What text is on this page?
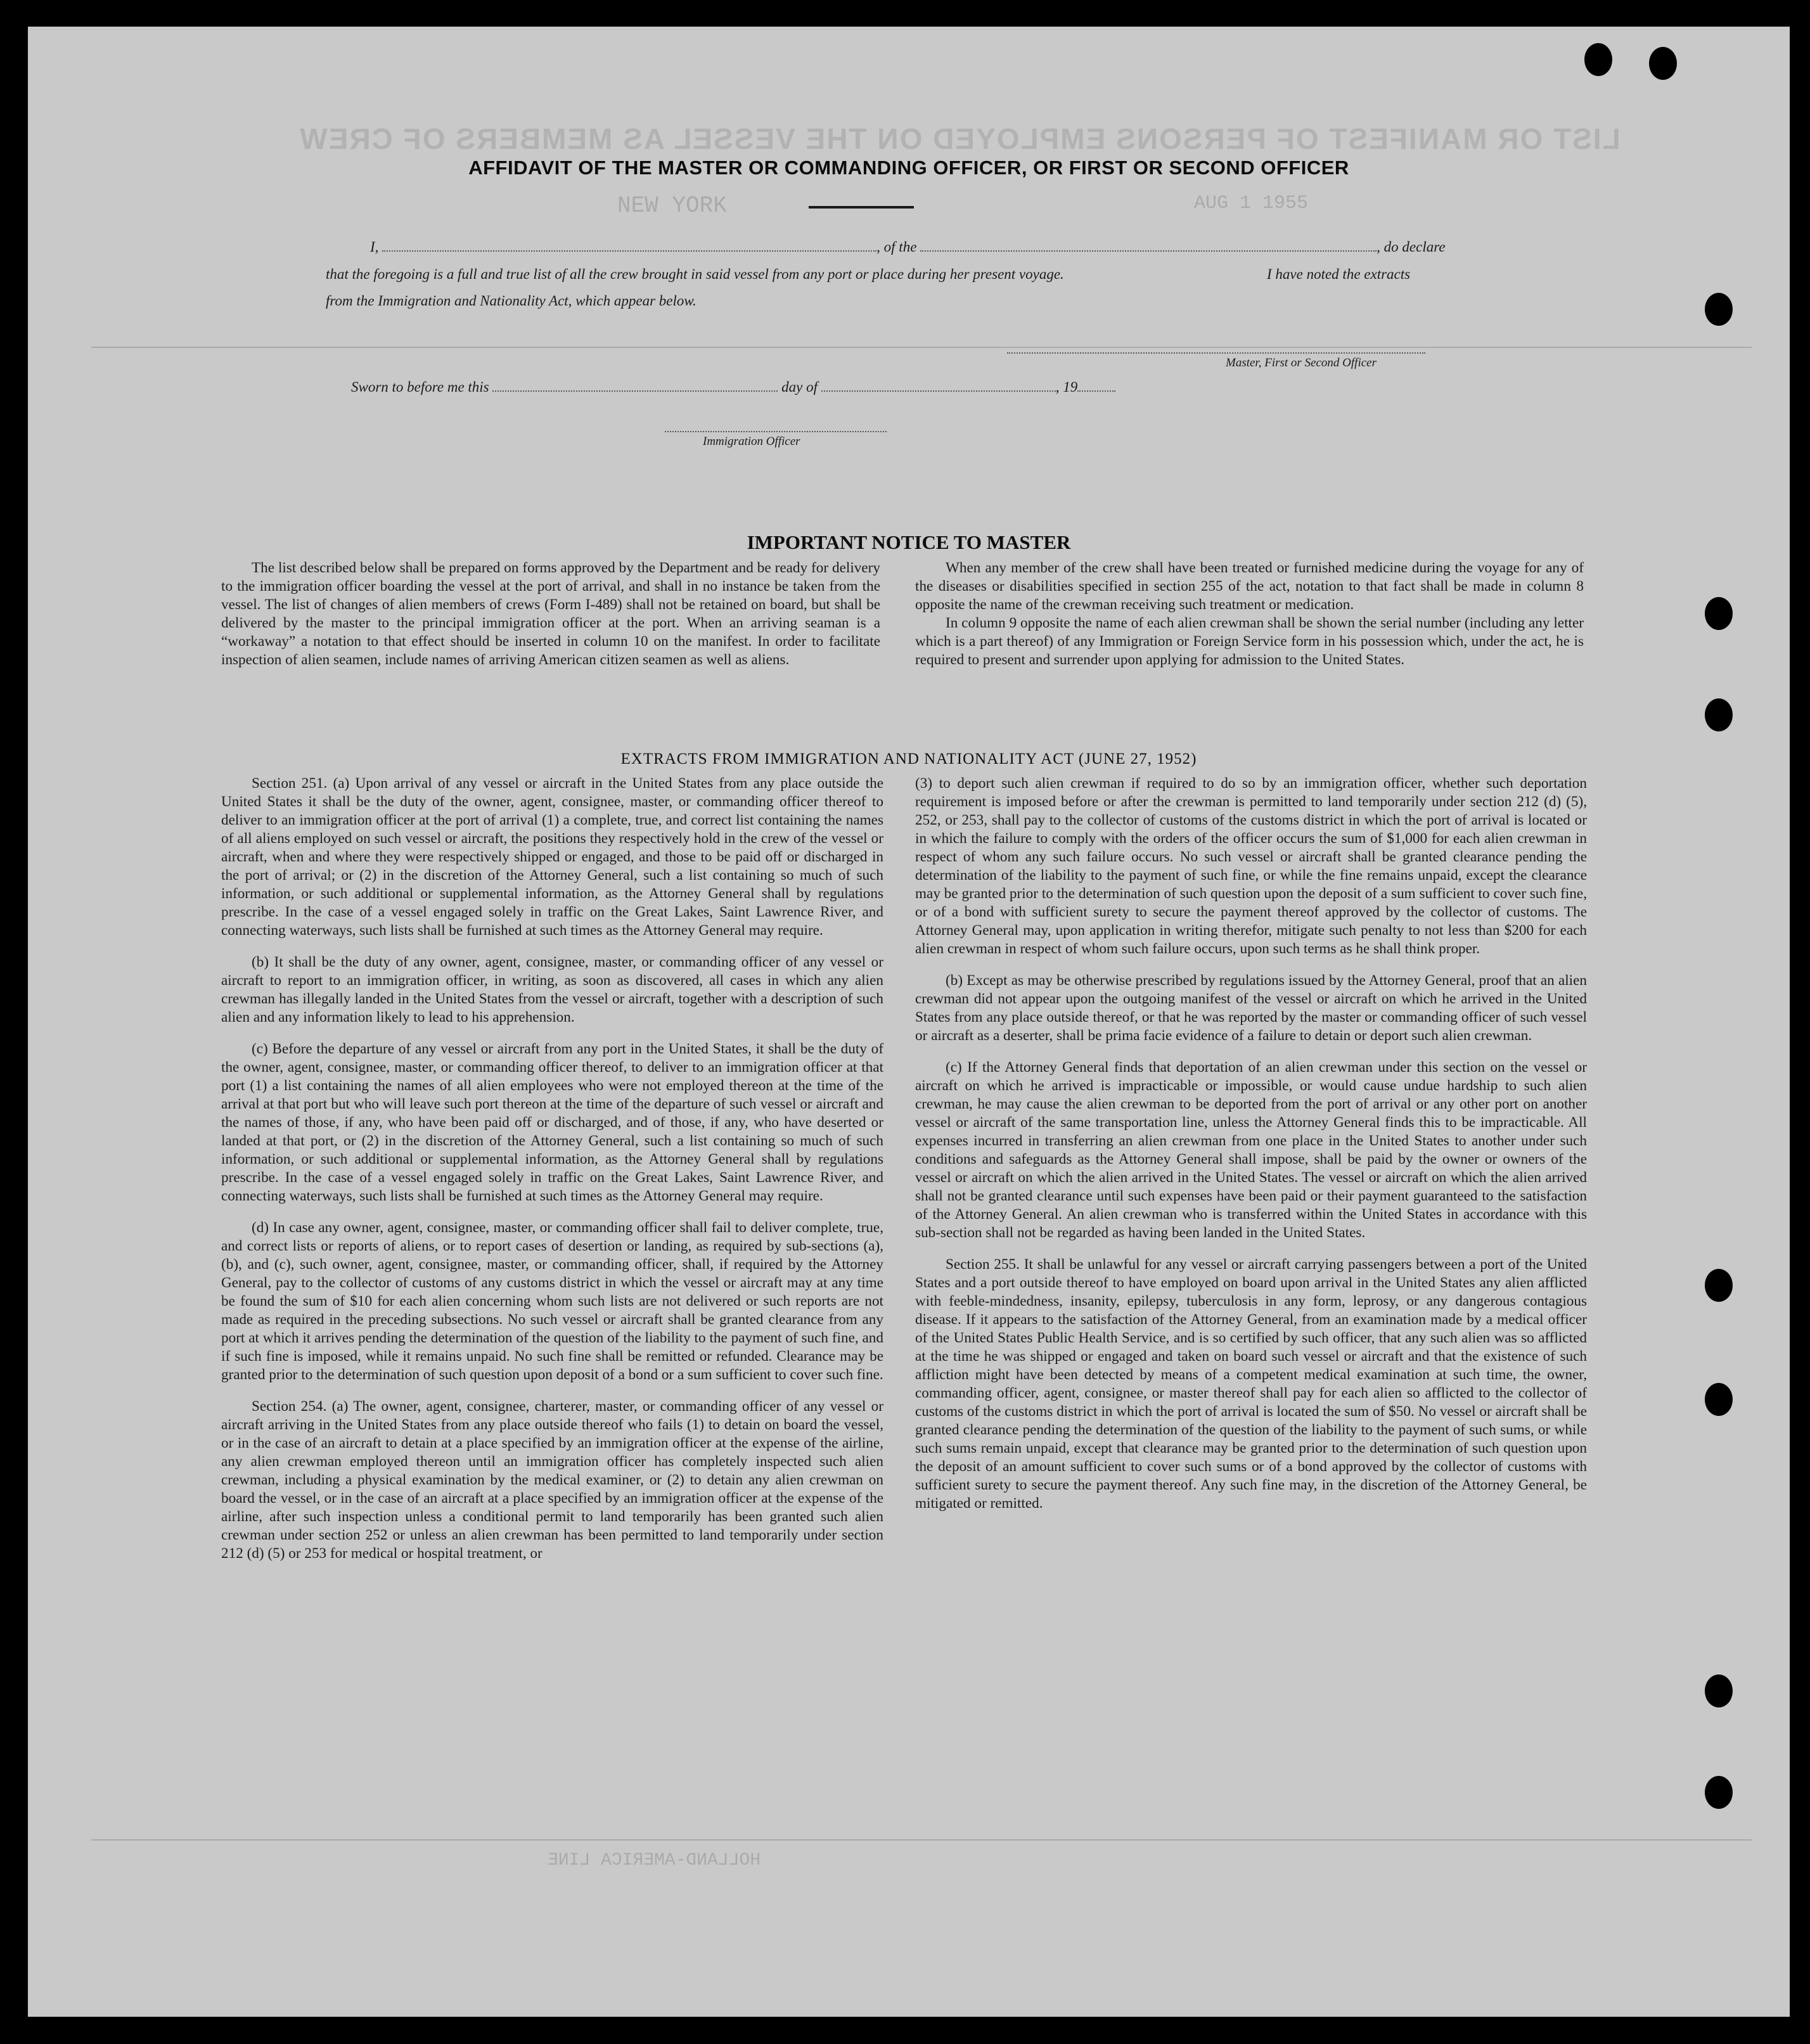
LIST OR MANIFEST OF PERSONS EMPLOYED ON THE VESSEL AS MEMBERS OF CREW
NEW YORK	AUG 1 1955
HOLLAND-AMERICA LINE
AFFIDAVIT OF THE MASTER OR COMMANDING OFFICER, OR FIRST OR SECOND OFFICER
I,	, of the	, do declare
that the foregoing is a full and true list of all the crew brought in said vessel from any port or place during her present voyage.	I have noted the extracts
from the Immigration and Nationality Act, which appear below.
Master, First or Second Officer
Sworn to before me this	day of	, 19
Immigration Officer
IMPORTANT NOTICE TO MASTER

The list described below shall be prepared on forms approved by the Department and be ready for delivery to the immigration officer boarding the vessel at the port of arrival, and shall in no instance be taken from the vessel. The list of changes of alien members of crews (Form I-489) shall not be retained on board, but shall be delivered by the master to the principal immigration officer at the port. When an arriving seaman is a “workaway” a notation to that effect should be inserted in column 10 on the manifest. In order to facilitate inspection of alien seamen, include names of arriving American citizen seamen as well as aliens.

When any member of the crew shall have been treated or furnished medicine during the voyage for any of the diseases or disabilities specified in section 255 of the act, notation to that fact shall be made in column 8 opposite the name of the crewman receiving such treatment or medication.

In column 9 opposite the name of each alien crewman shall be shown the serial number (including any letter which is a part thereof) of any Immigration or Foreign Service form in his possession which, under the act, he is required to present and surrender upon applying for admission to the United States.

EXTRACTS FROM IMMIGRATION AND NATIONALITY ACT (JUNE 27, 1952)

Section 251. (a) Upon arrival of any vessel or aircraft in the United States from any place outside the United States it shall be the duty of the owner, agent, consignee, master, or commanding officer thereof to deliver to an immigration officer at the port of arrival (1) a complete, true, and correct list containing the names of all aliens employed on such vessel or aircraft, the positions they respectively hold in the crew of the vessel or aircraft, when and where they were respectively shipped or engaged, and those to be paid off or discharged in the port of arrival; or (2) in the discretion of the Attorney General, such a list containing so much of such information, or such additional or supplemental information, as the Attorney General shall by regulations prescribe. In the case of a vessel engaged solely in traffic on the Great Lakes, Saint Lawrence River, and connecting waterways, such lists shall be furnished at such times as the Attorney General may require.

(b) It shall be the duty of any owner, agent, consignee, master, or commanding officer of any vessel or aircraft to report to an immigration officer, in writing, as soon as discovered, all cases in which any alien crewman has illegally landed in the United States from the vessel or aircraft, together with a description of such alien and any information likely to lead to his apprehension.

(c) Before the departure of any vessel or aircraft from any port in the United States, it shall be the duty of the owner, agent, consignee, master, or commanding officer thereof, to deliver to an immigration officer at that port (1) a list containing the names of all alien employees who were not employed thereon at the time of the arrival at that port but who will leave such port thereon at the time of the departure of such vessel or aircraft and the names of those, if any, who have been paid off or discharged, and of those, if any, who have deserted or landed at that port, or (2) in the discretion of the Attorney General, such a list containing so much of such information, or such additional or supplemental information, as the Attorney General shall by regulations prescribe. In the case of a vessel engaged solely in traffic on the Great Lakes, Saint Lawrence River, and connecting waterways, such lists shall be furnished at such times as the Attorney General may require.

(d) In case any owner, agent, consignee, master, or commanding officer shall fail to deliver complete, true, and correct lists or reports of aliens, or to report cases of desertion or landing, as required by sub-sections (a), (b), and (c), such owner, agent, consignee, master, or commanding officer, shall, if required by the Attorney General, pay to the collector of customs of any customs district in which the vessel or aircraft may at any time be found the sum of $10 for each alien concerning whom such lists are not delivered or such reports are not made as required in the preceding subsections. No such vessel or aircraft shall be granted clearance from any port at which it arrives pending the determination of the question of the liability to the payment of such fine, and if such fine is imposed, while it remains unpaid. No such fine shall be remitted or refunded. Clearance may be granted prior to the determination of such question upon deposit of a bond or a sum sufficient to cover such fine.

Section 254. (a) The owner, agent, consignee, charterer, master, or commanding officer of any vessel or aircraft arriving in the United States from any place outside thereof who fails (1) to detain on board the vessel, or in the case of an aircraft to detain at a place specified by an immigration officer at the expense of the airline, any alien crewman employed thereon until an immigration officer has completely inspected such alien crewman, including a physical examination by the medical examiner, or (2) to detain any alien crewman on board the vessel, or in the case of an aircraft at a place specified by an immigration officer at the expense of the airline, after such inspection unless a conditional permit to land temporarily has been granted such alien crewman under section 252 or unless an alien crewman has been permitted to land temporarily under section 212 (d) (5) or 253 for medical or hospital treatment, or

(3) to deport such alien crewman if required to do so by an immigration officer, whether such deportation requirement is imposed before or after the crewman is permitted to land temporarily under section 212 (d) (5), 252, or 253, shall pay to the collector of customs of the customs district in which the port of arrival is located or in which the failure to comply with the orders of the officer occurs the sum of $1,000 for each alien crewman in respect of whom any such failure occurs. No such vessel or aircraft shall be granted clearance pending the determination of the liability to the payment of such fine, or while the fine remains unpaid, except the clearance may be granted prior to the determination of such question upon the deposit of a sum sufficient to cover such fine, or of a bond with sufficient surety to secure the payment thereof approved by the collector of customs. The Attorney General may, upon application in writing therefor, mitigate such penalty to not less than $200 for each alien crewman in respect of whom such failure occurs, upon such terms as he shall think proper.

(b) Except as may be otherwise prescribed by regulations issued by the Attorney General, proof that an alien crewman did not appear upon the outgoing manifest of the vessel or aircraft on which he arrived in the United States from any place outside thereof, or that he was reported by the master or commanding officer of such vessel or aircraft as a deserter, shall be prima facie evidence of a failure to detain or deport such alien crewman.

(c) If the Attorney General finds that deportation of an alien crewman under this section on the vessel or aircraft on which he arrived is impracticable or impossible, or would cause undue hardship to such alien crewman, he may cause the alien crewman to be deported from the port of arrival or any other port on another vessel or aircraft of the same transportation line, unless the Attorney General finds this to be impracticable. All expenses incurred in transferring an alien crewman from one place in the United States to another under such conditions and safeguards as the Attorney General shall impose, shall be paid by the owner or owners of the vessel or aircraft on which the alien arrived in the United States. The vessel or aircraft on which the alien arrived shall not be granted clearance until such expenses have been paid or their payment guaranteed to the satisfaction of the Attorney General. An alien crewman who is transferred within the United States in accordance with this sub-section shall not be regarded as having been landed in the United States.

Section 255. It shall be unlawful for any vessel or aircraft carrying passengers between a port of the United States and a port outside thereof to have employed on board upon arrival in the United States any alien afflicted with feeble-mindedness, insanity, epilepsy, tuberculosis in any form, leprosy, or any dangerous contagious disease. If it appears to the satisfaction of the Attorney General, from an examination made by a medical officer of the United States Public Health Service, and is so certified by such officer, that any such alien was so afflicted at the time he was shipped or engaged and taken on board such vessel or aircraft and that the existence of such affliction might have been detected by means of a competent medical examination at such time, the owner, commanding officer, agent, consignee, or master thereof shall pay for each alien so afflicted to the collector of customs of the customs district in which the port of arrival is located the sum of $50. No vessel or aircraft shall be granted clearance pending the determination of the question of the liability to the payment of such sums, or while such sums remain unpaid, except that clearance may be granted prior to the determination of such question upon the deposit of an amount sufficient to cover such sums or of a bond approved by the collector of customs with sufficient surety to secure the payment thereof. Any such fine may, in the discretion of the Attorney General, be mitigated or remitted.
